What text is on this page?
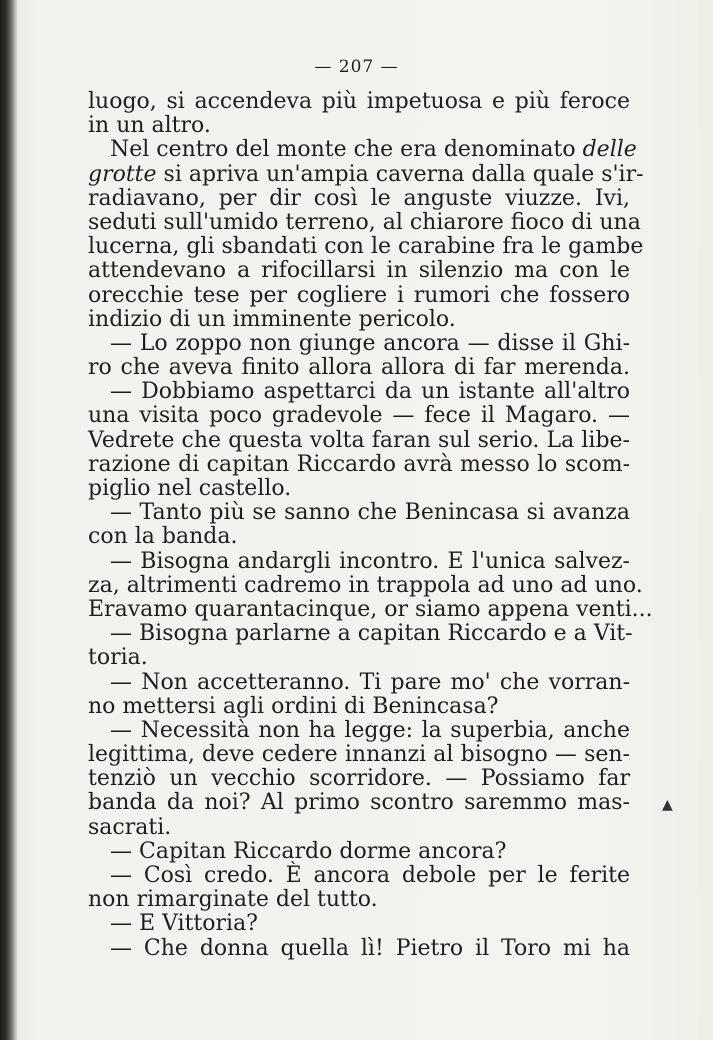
— 207 —
luogo, si accendeva più impetuosa e più feroce
in un altro.
Nel centro del monte che era denominato delle
grotte si apriva un'ampia caverna dalla quale s'ir-
radiavano, per dir così le anguste viuzze. Ivi,
seduti sull'umido terreno, al chiarore fioco di una
lucerna, gli sbandati con le carabine fra le gambe
attendevano a rifocillarsi in silenzio ma con le
orecchie tese per cogliere i rumori che fossero
indizio di un imminente pericolo.
— Lo zoppo non giunge ancora — disse il Ghi-
ro che aveva finito allora allora di far merenda.
— Dobbiamo aspettarci da un istante all'altro
una visita poco gradevole — fece il Magaro. —
Vedrete che questa volta faran sul serio. La libe-
razione di capitan Riccardo avrà messo lo scom-
piglio nel castello.
— Tanto più se sanno che Benincasa si avanza
con la banda.
— Bisogna andargli incontro. E l'unica salvez-
za, altrimenti cadremo in trappola ad uno ad uno.
Eravamo quarantacinque, or siamo appena venti...
— Bisogna parlarne a capitan Riccardo e a Vit-
toria.
— Non accetteranno. Ti pare mo' che vorran-
no mettersi agli ordini di Benincasa?
— Necessità non ha legge: la superbia, anche
legittima, deve cedere innanzi al bisogno — sen-
tenziò un vecchio scorridore. — Possiamo far
banda da noi? Al primo scontro saremmo mas-
sacrati.
— Capitan Riccardo dorme ancora?
— Così credo. È ancora debole per le ferite
non rimarginate del tutto.
— E Vittoria?
— Che donna quella lì! Pietro il Toro mi ha
▲
